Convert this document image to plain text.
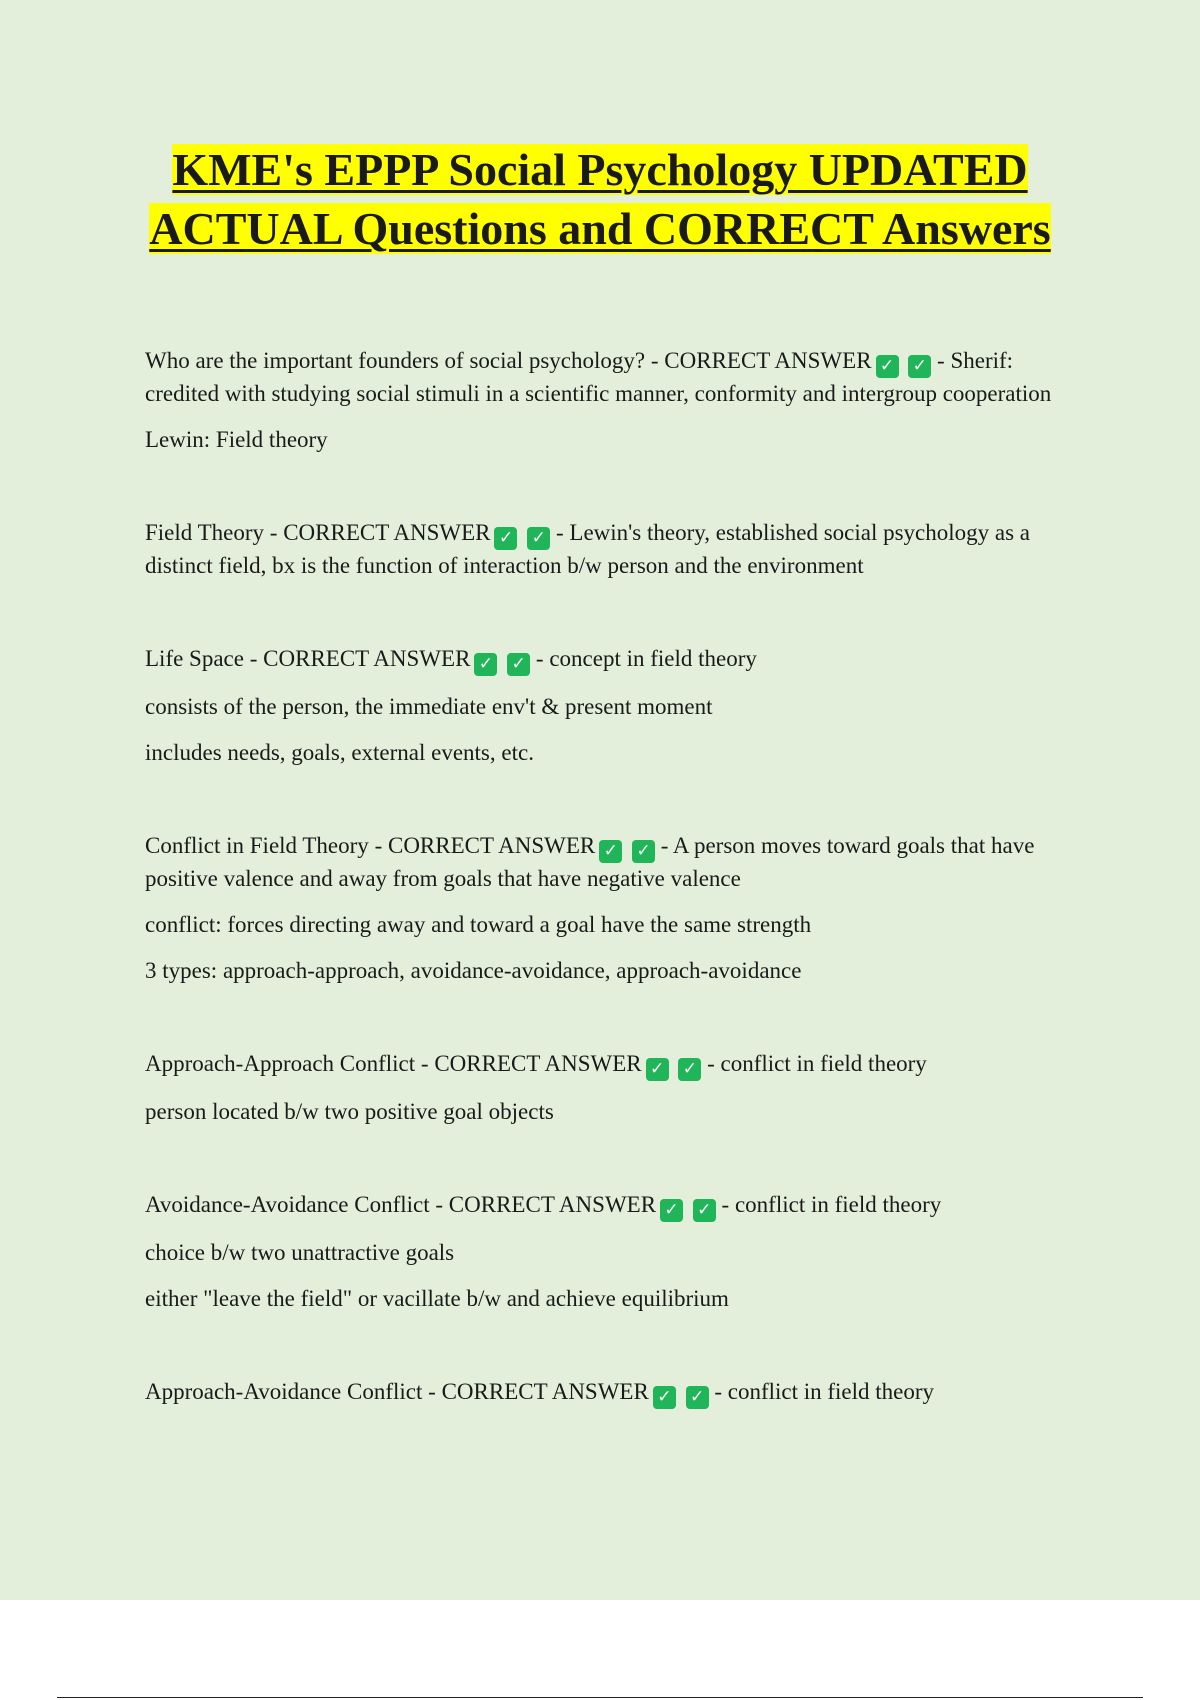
KME's EPPP Social Psychology UPDATED ACTUAL Questions and CORRECT Answers

Who are the important founders of social psychology? - CORRECT ANSWER ✓ ✓ - Sherif: credited with studying social stimuli in a scientific manner, conformity and intergroup cooperation

Lewin: Field theory

Field Theory - CORRECT ANSWER ✓ ✓ - Lewin's theory, established social psychology as a distinct field, bx is the function of interaction b/w person and the environment

Life Space - CORRECT ANSWER ✓ ✓ - concept in field theory

consists of the person, the immediate env't & present moment

includes needs, goals, external events, etc.

Conflict in Field Theory - CORRECT ANSWER ✓ ✓ - A person moves toward goals that have positive valence and away from goals that have negative valence

conflict: forces directing away and toward a goal have the same strength

3 types: approach-approach, avoidance-avoidance, approach-avoidance

Approach-Approach Conflict - CORRECT ANSWER ✓ ✓ - conflict in field theory

person located b/w two positive goal objects

Avoidance-Avoidance Conflict - CORRECT ANSWER ✓ ✓ - conflict in field theory

choice b/w two unattractive goals

either "leave the field" or vacillate b/w and achieve equilibrium

Approach-Avoidance Conflict - CORRECT ANSWER ✓ ✓ - conflict in field theory
